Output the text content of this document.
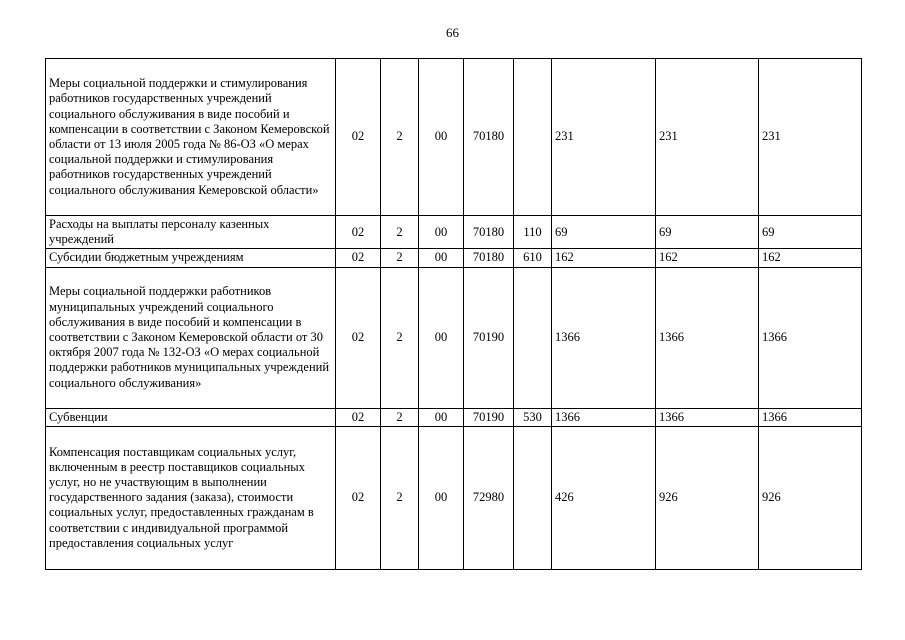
66
Меры социальной поддержки и стимулирования работников государственных учреждений социального обслуживания в виде пособий и компенсации в соответствии с Законом Кемеровской области от 13 июля 2005 года № 86-ОЗ «О мерах социальной поддержки и стимулирования работников государственных учреждений социального обслуживания Кемеровской области»	02	2	00	70180		231	231	231
Расходы на выплаты персоналу казенных учреждений	02	2	00	70180	110	69	69	69
Субсидии бюджетным учреждениям	02	2	00	70180	610	162	162	162
Меры социальной поддержки работников муниципальных учреждений социального обслуживания в виде пособий и компенсации в соответствии с Законом Кемеровской области от 30 октября 2007 года № 132-ОЗ «О мерах социальной поддержки работников муниципальных учреждений социального обслуживания»	02	2	00	70190		1366	1366	1366
Субвенции	02	2	00	70190	530	1366	1366	1366
Компенсация поставщикам социальных услуг, включенным в реестр поставщиков социальных услуг, но не участвующим в выполнении государственного задания (заказа), стоимости социальных услуг, предоставленных гражданам в соответствии с индивидуальной программой предоставления социальных услуг	02	2	00	72980		426	926	926
